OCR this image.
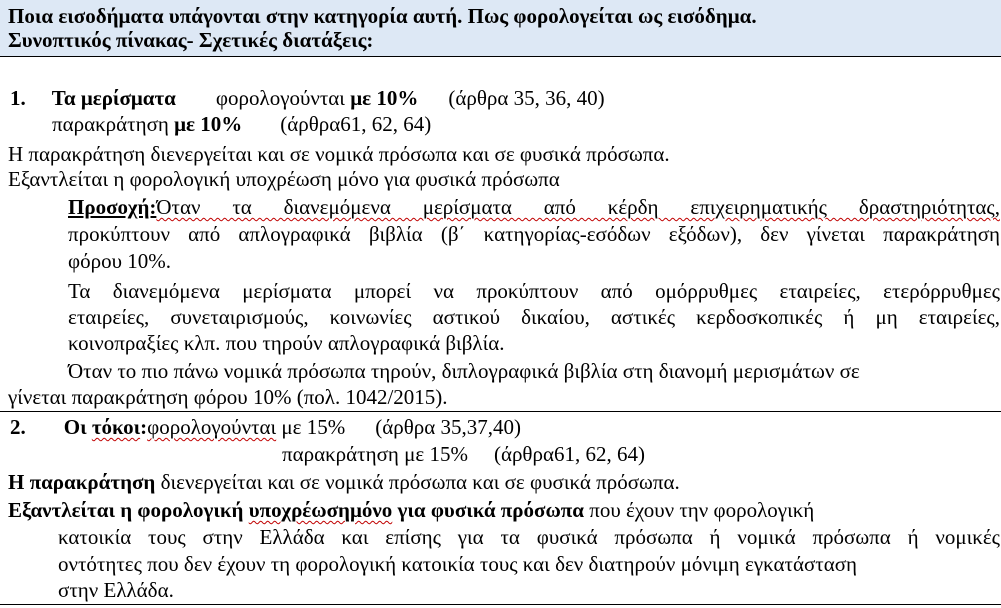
Ποια εισοδήματα υπάγονται στην κατηγορία αυτή. Πως φορολογείται ως εισόδημα.

Συνοπτικός πίνακας- Σχετικές διατάξεις:

1. Τα μερίσματα φορολογούνται με 10% (άρθρα 35, 36, 40)
παρακράτηση με 10% (άρθρα61, 62, 64)
Η παρακράτηση διενεργείται και σε νομικά πρόσωπα και σε φυσικά πρόσωπα.
Εξαντλείται η φορολογική υποχρέωση μόνο για φυσικά πρόσωπα
Προσοχή:Όταν τα διανεμόμενα μερίσματα από κέρδη επιχειρηματικής δραστηριότητας,
προκύπτουν από απλογραφικά βιβλία (β΄ κατηγορίας-εσόδων εξόδων), δεν γίνεται παρακράτηση
φόρου 10%.
Τα διανεμόμενα μερίσματα μπορεί να προκύπτουν από ομόρρυθμες εταιρείες, ετερόρρυθμες
εταιρείες, συνεταιρισμούς, κοινωνίες αστικού δικαίου, αστικές κερδοσκοπικές ή μη εταιρείες,
κοινοπραξίες κλπ. που τηρούν απλογραφικά βιβλία.
Όταν το πιο πάνω νομικά πρόσωπα τηρούν, διπλογραφικά βιβλία στη διανομή μερισμάτων σε
γίνεται παρακράτηση φόρου 10% (πολ. 1042/2015).
2. Οι τόκοι:φορολογούνται με 15% (άρθρα 35,37,40)
παρακράτηση με 15% (άρθρα61, 62, 64)
Η παρακράτηση διενεργείται και σε νομικά πρόσωπα και σε φυσικά πρόσωπα.
Εξαντλείται η φορολογική υποχρέωσημόνο για φυσικά πρόσωπα που έχουν την φορολογική
κατοικία τους στην Ελλάδα και επίσης για τα φυσικά πρόσωπα ή νομικά πρόσωπα ή νομικές
οντότητες που δεν έχουν τη φορολογική κατοικία τους και δεν διατηρούν μόνιμη εγκατάσταση
στην Ελλάδα.
